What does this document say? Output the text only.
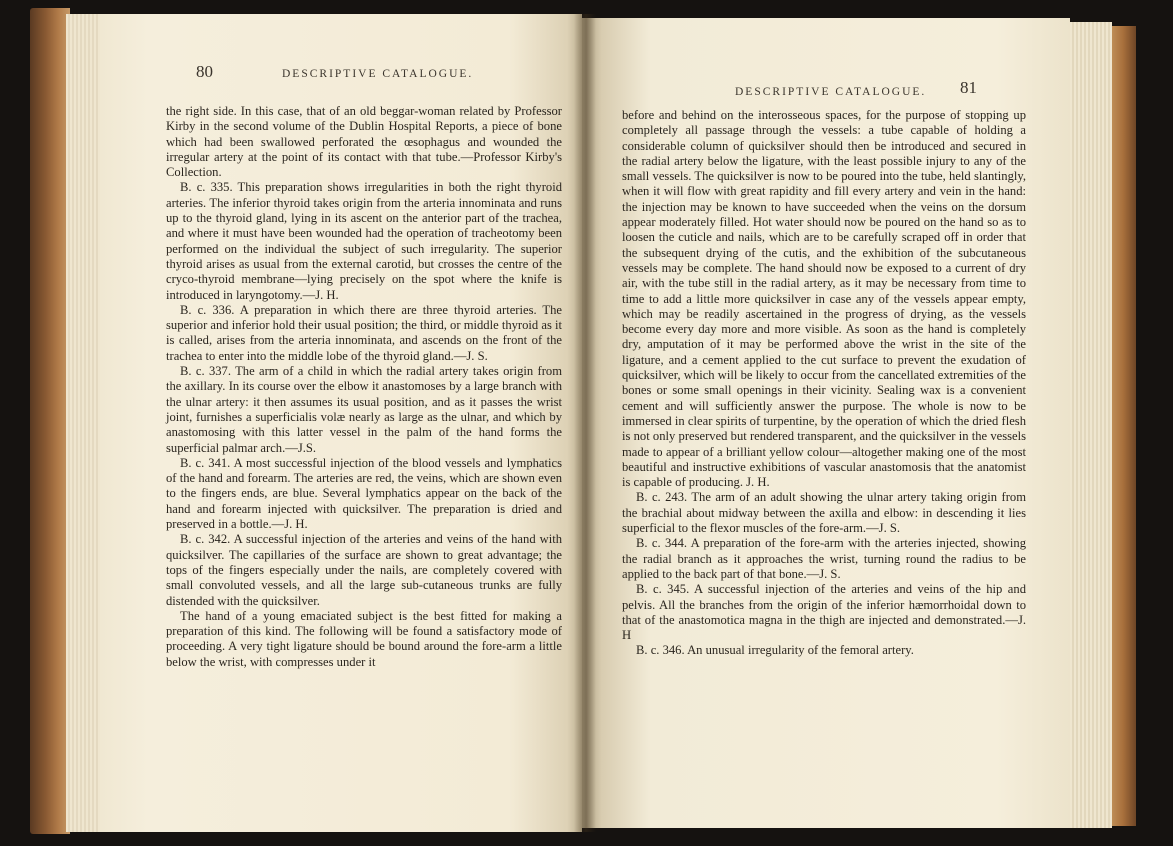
80	DESCRIPTIVE CATALOGUE.

the right side. In this case, that of an old beggar-woman related by Professor Kirby in the second volume of the Dublin Hospital Reports, a piece of bone which had been swallowed perforated the œsophagus and wounded the irregular artery at the point of its contact with that tube.—Professor Kirby's Collection.

B. c. 335. This preparation shows irregularities in both the right thyroid arteries. The inferior thyroid takes origin from the arteria innominata and runs up to the thyroid gland, lying in its ascent on the anterior part of the trachea, and where it must have been wounded had the operation of tracheotomy been performed on the individual the subject of such irregularity. The superior thyroid arises as usual from the external carotid, but crosses the centre of the cryco-thyroid membrane—lying precisely on the spot where the knife is introduced in laryngotomy.—J. H.

B. c. 336. A preparation in which there are three thyroid arteries. The superior and inferior hold their usual position; the third, or middle thyroid as it is called, arises from the arteria innominata, and ascends on the front of the trachea to enter into the middle lobe of the thyroid gland.—J. S.

B. c. 337. The arm of a child in which the radial artery takes origin from the axillary. In its course over the elbow it anastomoses by a large branch with the ulnar artery: it then assumes its usual position, and as it passes the wrist joint, furnishes a superficialis volæ nearly as large as the ulnar, and which by anastomosing with this latter vessel in the palm of the hand forms the superficial palmar arch.—J.S.

B. c. 341. A most successful injection of the blood vessels and lymphatics of the hand and forearm. The arteries are red, the veins, which are shown even to the fingers ends, are blue. Several lymphatics appear on the back of the hand and forearm injected with quicksilver. The preparation is dried and preserved in a bottle.—J. H.

B. c. 342. A successful injection of the arteries and veins of the hand with quicksilver. The capillaries of the surface are shown to great advantage; the tops of the fingers especially under the nails, are completely covered with small convoluted vessels, and all the large sub-cutaneous trunks are fully distended with the quicksilver.

The hand of a young emaciated subject is the best fitted for making a preparation of this kind. The following will be found a satisfactory mode of proceeding. A very tight ligature should be bound around the fore-arm a little below the wrist, with compresses under it

DESCRIPTIVE CATALOGUE. 81

before and behind on the interosseous spaces, for the purpose of stopping up completely all passage through the vessels: a tube capable of holding a considerable column of quicksilver should then be introduced and secured in the radial artery below the ligature, with the least possible injury to any of the small vessels. The quicksilver is now to be poured into the tube, held slantingly, when it will flow with great rapidity and fill every artery and vein in the hand: the injection may be known to have succeeded when the veins on the dorsum appear moderately filled. Hot water should now be poured on the hand so as to loosen the cuticle and nails, which are to be carefully scraped off in order that the subsequent drying of the cutis, and the exhibition of the subcutaneous vessels may be complete. The hand should now be exposed to a current of dry air, with the tube still in the radial artery, as it may be necessary from time to time to add a little more quicksilver in case any of the vessels appear empty, which may be readily ascertained in the progress of drying, as the vessels become every day more and more visible. As soon as the hand is completely dry, amputation of it may be performed above the wrist in the site of the ligature, and a cement applied to the cut surface to prevent the exudation of quicksilver, which will be likely to occur from the cancellated extremities of the bones or some small openings in their vicinity. Sealing wax is a convenient cement and will sufficiently answer the purpose. The whole is now to be immersed in clear spirits of turpentine, by the operation of which the dried flesh is not only preserved but rendered transparent, and the quicksilver in the vessels made to appear of a brilliant yellow colour—altogether making one of the most beautiful and instructive exhibitions of vascular anastomosis that the anatomist is capable of producing. J. H.

B. c. 243. The arm of an adult showing the ulnar artery taking origin from the brachial about midway between the axilla and elbow: in descending it lies superficial to the flexor muscles of the fore-arm.—J. S.

B. c. 344. A preparation of the fore-arm with the arteries injected, showing the radial branch as it approaches the wrist, turning round the radius to be applied to the back part of that bone.—J. S.

B. c. 345. A successful injection of the arteries and veins of the hip and pelvis. All the branches from the origin of the inferior hæmorrhoidal down to that of the anastomotica magna in the thigh are injected and demonstrated.—J. H

B. c. 346. An unusual irregularity of the femoral artery.
